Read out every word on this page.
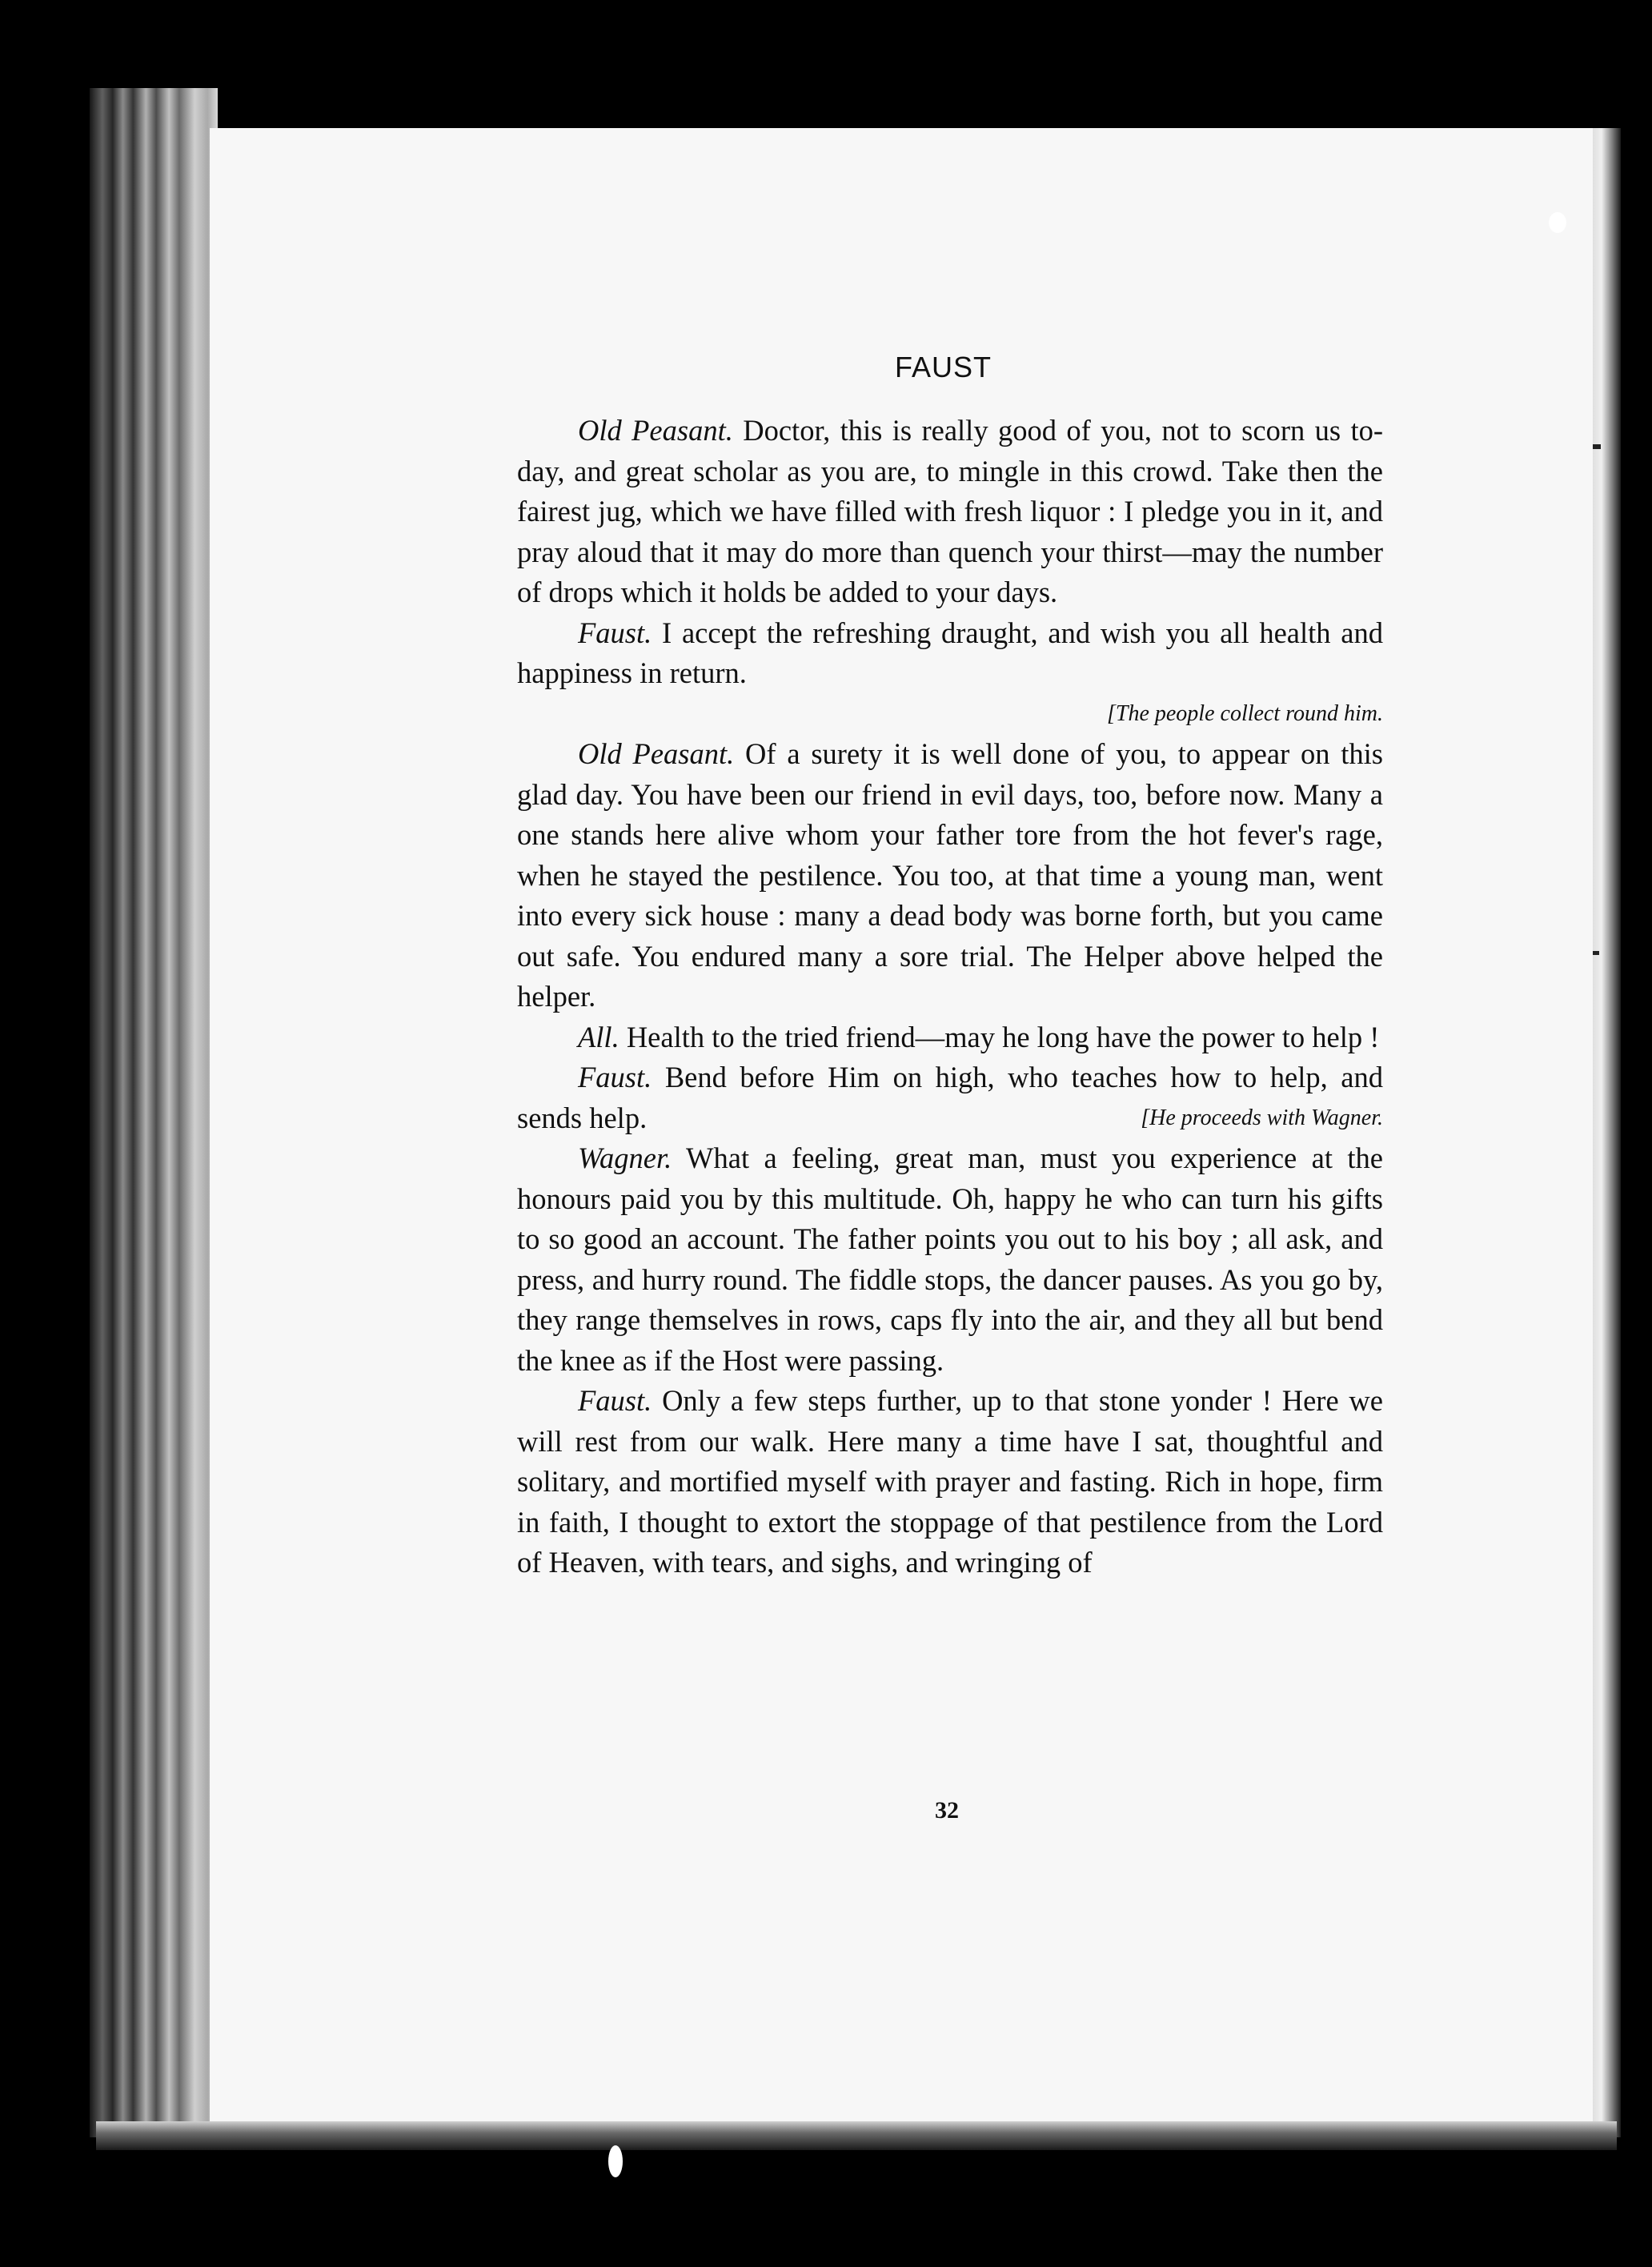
FAUST

Old Peasant. Doctor, this is really good of you, not to scorn us to-day, and great scholar as you are, to mingle in this crowd. Take then the fairest jug, which we have filled with fresh liquor : I pledge you in it, and pray aloud that it may do more than quench your thirst—may the number of drops which it holds be added to your days.

Faust. I accept the refreshing draught, and wish you all health and happiness in return.

[The people collect round him.

Old Peasant. Of a surety it is well done of you, to appear on this glad day. You have been our friend in evil days, too, before now. Many a one stands here alive whom your father tore from the hot fever's rage, when he stayed the pestilence. You too, at that time a young man, went into every sick house : many a dead body was borne forth, but you came out safe. You endured many a sore trial. The Helper above helped the helper.

All. Health to the tried friend—may he long have the power to help !

Faust. Bend before Him on high, who teaches how to help, and sends help.	[He proceeds with Wagner.

Wagner. What a feeling, great man, must you experience at the honours paid you by this multitude. Oh, happy he who can turn his gifts to so good an account. The father points you out to his boy ; all ask, and press, and hurry round. The fiddle stops, the dancer pauses. As you go by, they range themselves in rows, caps fly into the air, and they all but bend the knee as if the Host were passing.

Faust. Only a few steps further, up to that stone yonder ! Here we will rest from our walk. Here many a time have I sat, thoughtful and solitary, and mortified myself with prayer and fasting. Rich in hope, firm in faith, I thought to extort the stoppage of that pestilence from the Lord of Heaven, with tears, and sighs, and wringing of

32
